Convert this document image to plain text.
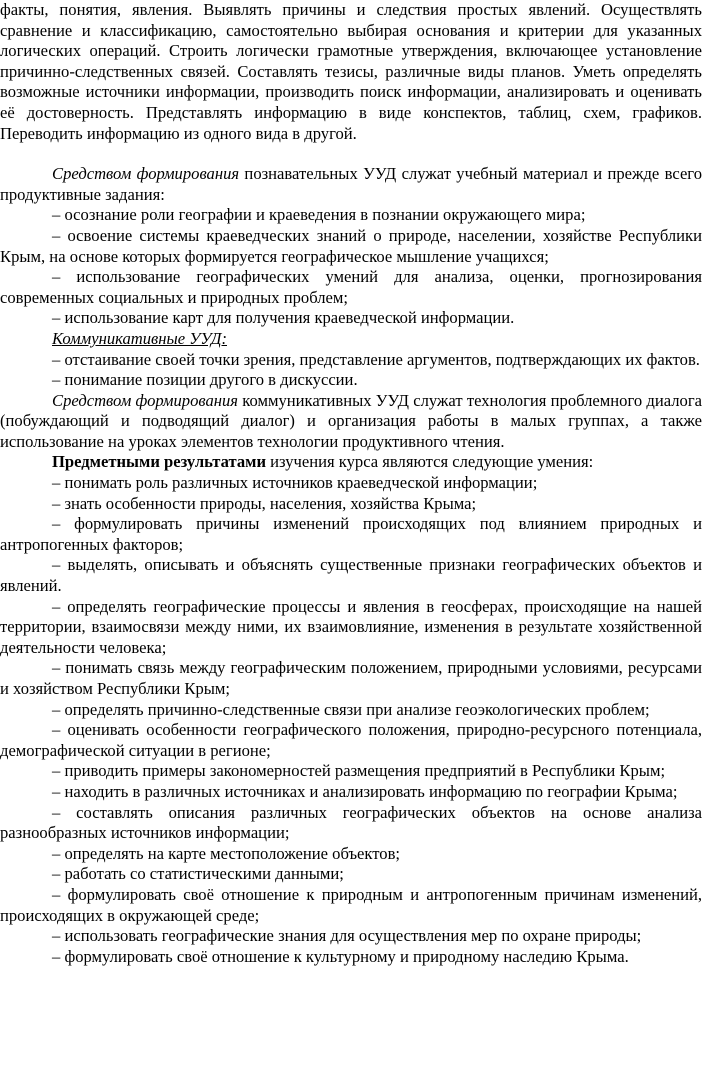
факты, понятия, явления. Выявлять причины и следствия простых явлений. Осуществлять сравнение и классификацию, самостоятельно выбирая основания и критерии для указанных логических операций. Строить логически грамотные утверждения, включающее установление причинно-следственных связей. Составлять тезисы, различные виды планов. Уметь определять возможные источники информации, производить поиск информации, анализировать и оценивать её достоверность. Представлять информацию в виде конспектов, таблиц, схем, графиков. Переводить информацию из одного вида в другой.

Средством формирования познавательных УУД служат учебный материал и прежде всего продуктивные задания:

– осознание роли географии и краеведения в познании окружающего мира;

– освоение системы краеведческих знаний о природе, населении, хозяйстве Республики Крым, на основе которых формируется географическое мышление учащихся;

– использование географических умений для анализа, оценки, прогнозирования современных социальных и природных проблем;

– использование карт для получения краеведческой информации.

Коммуникативные УУД:

– отстаивание своей точки зрения, представление аргументов, подтверждающих их фактов.

– понимание позиции другого в дискуссии.

Средством формирования коммуникативных УУД служат технология проблемного диалога (побуждающий и подводящий диалог) и организация работы в малых группах, а также использование на уроках элементов технологии продуктивного чтения.

Предметными результатами изучения курса являются следующие умения:

– понимать роль различных источников краеведческой информации;

– знать особенности природы, населения, хозяйства Крыма;

– формулировать причины изменений происходящих под влиянием природных и антропогенных факторов;

– выделять, описывать и объяснять существенные признаки географических объектов и явлений.

– определять географические процессы и явления в геосферах, происходящие на нашей территории, взаимосвязи между ними, их взаимовлияние, изменения в результате хозяйственной деятельности человека;

– понимать связь между географическим положением, природными условиями, ресурсами и хозяйством Республики Крым;

– определять причинно-следственные связи при анализе геоэкологических проблем;

– оценивать особенности географического положения, природно-ресурсного потенциала, демографической ситуации в регионе;

– приводить примеры закономерностей размещения предприятий в Республики Крым;

– находить в различных источниках и анализировать информацию по географии Крыма;

– составлять описания различных географических объектов на основе анализа разнообразных источников информации;

– определять на карте местоположение объектов;

– работать со статистическими данными;

– формулировать своё отношение к природным и антропогенным причинам изменений, происходящих в окружающей среде;

– использовать географические знания для осуществления мер по охране природы;

– формулировать своё отношение к культурному и природному наследию Крыма.
